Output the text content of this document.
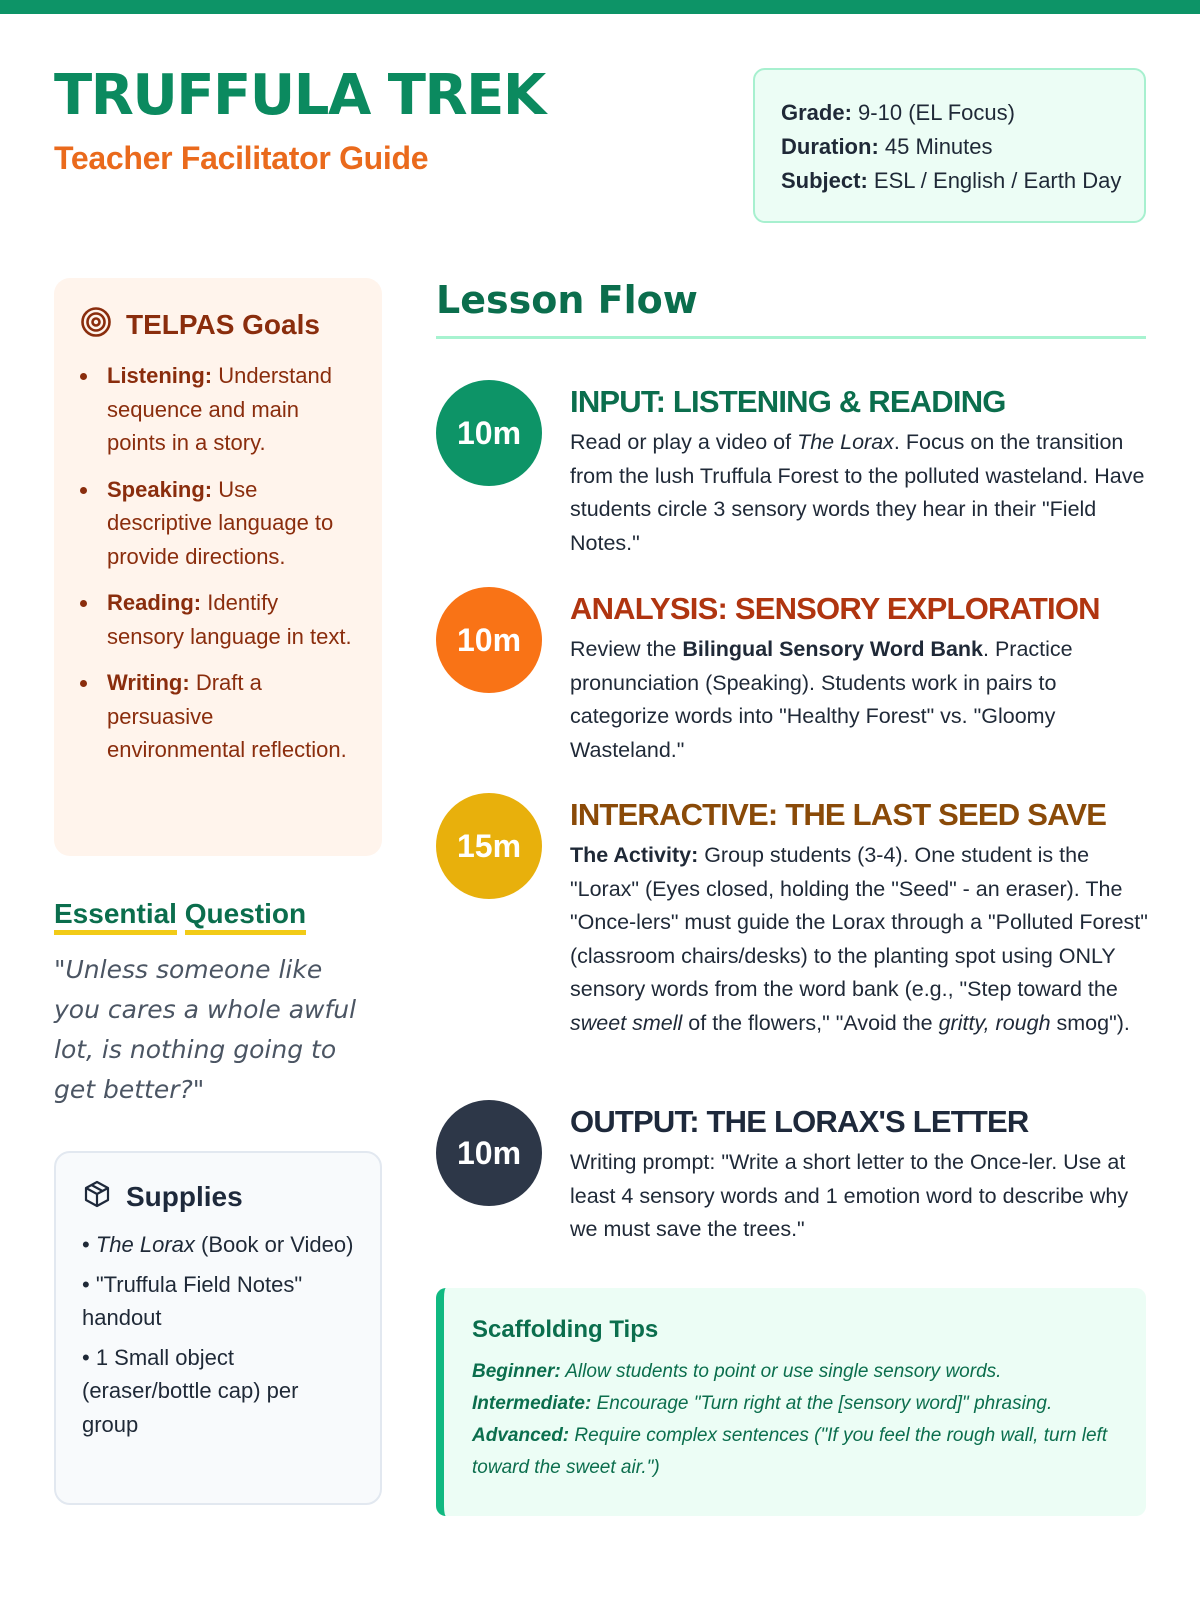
TRUFFULA TREK
Teacher Facilitator Guide
Grade: 9-10 (EL Focus)
Duration: 45 Minutes
Subject: ESL / English / Earth Day
TELPAS Goals
Listening: Understand sequence and main points in a story.
Speaking: Use descriptive language to provide directions.
Reading: Identify sensory language in text.
Writing: Draft a persuasive environmental reflection.
Essential Question
"Unless someone like you cares a whole awful lot, is nothing going to get better?"
Supplies
• The Lorax (Book or Video)
• "Truffula Field Notes" handout
• 1 Small object (eraser/bottle cap) per group
Lesson Flow
10m
INPUT: LISTENING & READING
Read or play a video of The Lorax. Focus on the transition from the lush Truffula Forest to the polluted wasteland. Have students circle 3 sensory words they hear in their "Field Notes."
10m
ANALYSIS: SENSORY EXPLORATION
Review the Bilingual Sensory Word Bank. Practice pronunciation (Speaking). Students work in pairs to categorize words into "Healthy Forest" vs. "Gloomy Wasteland."
15m
INTERACTIVE: THE LAST SEED SAVE
The Activity: Group students (3-4). One student is the "Lorax" (Eyes closed, holding the "Seed" - an eraser). The "Once-lers" must guide the Lorax through a "Polluted Forest" (classroom chairs/desks) to the planting spot using ONLY sensory words from the word bank (e.g., "Step toward the sweet smell of the flowers," "Avoid the gritty, rough smog").
10m
OUTPUT: THE LORAX'S LETTER
Writing prompt: "Write a short letter to the Once-ler. Use at least 4 sensory words and 1 emotion word to describe why we must save the trees."
Scaffolding Tips
Beginner: Allow students to point or use single sensory words.
Intermediate: Encourage "Turn right at the [sensory word]" phrasing.
Advanced: Require complex sentences ("If you feel the rough wall, turn left toward the sweet air.")
